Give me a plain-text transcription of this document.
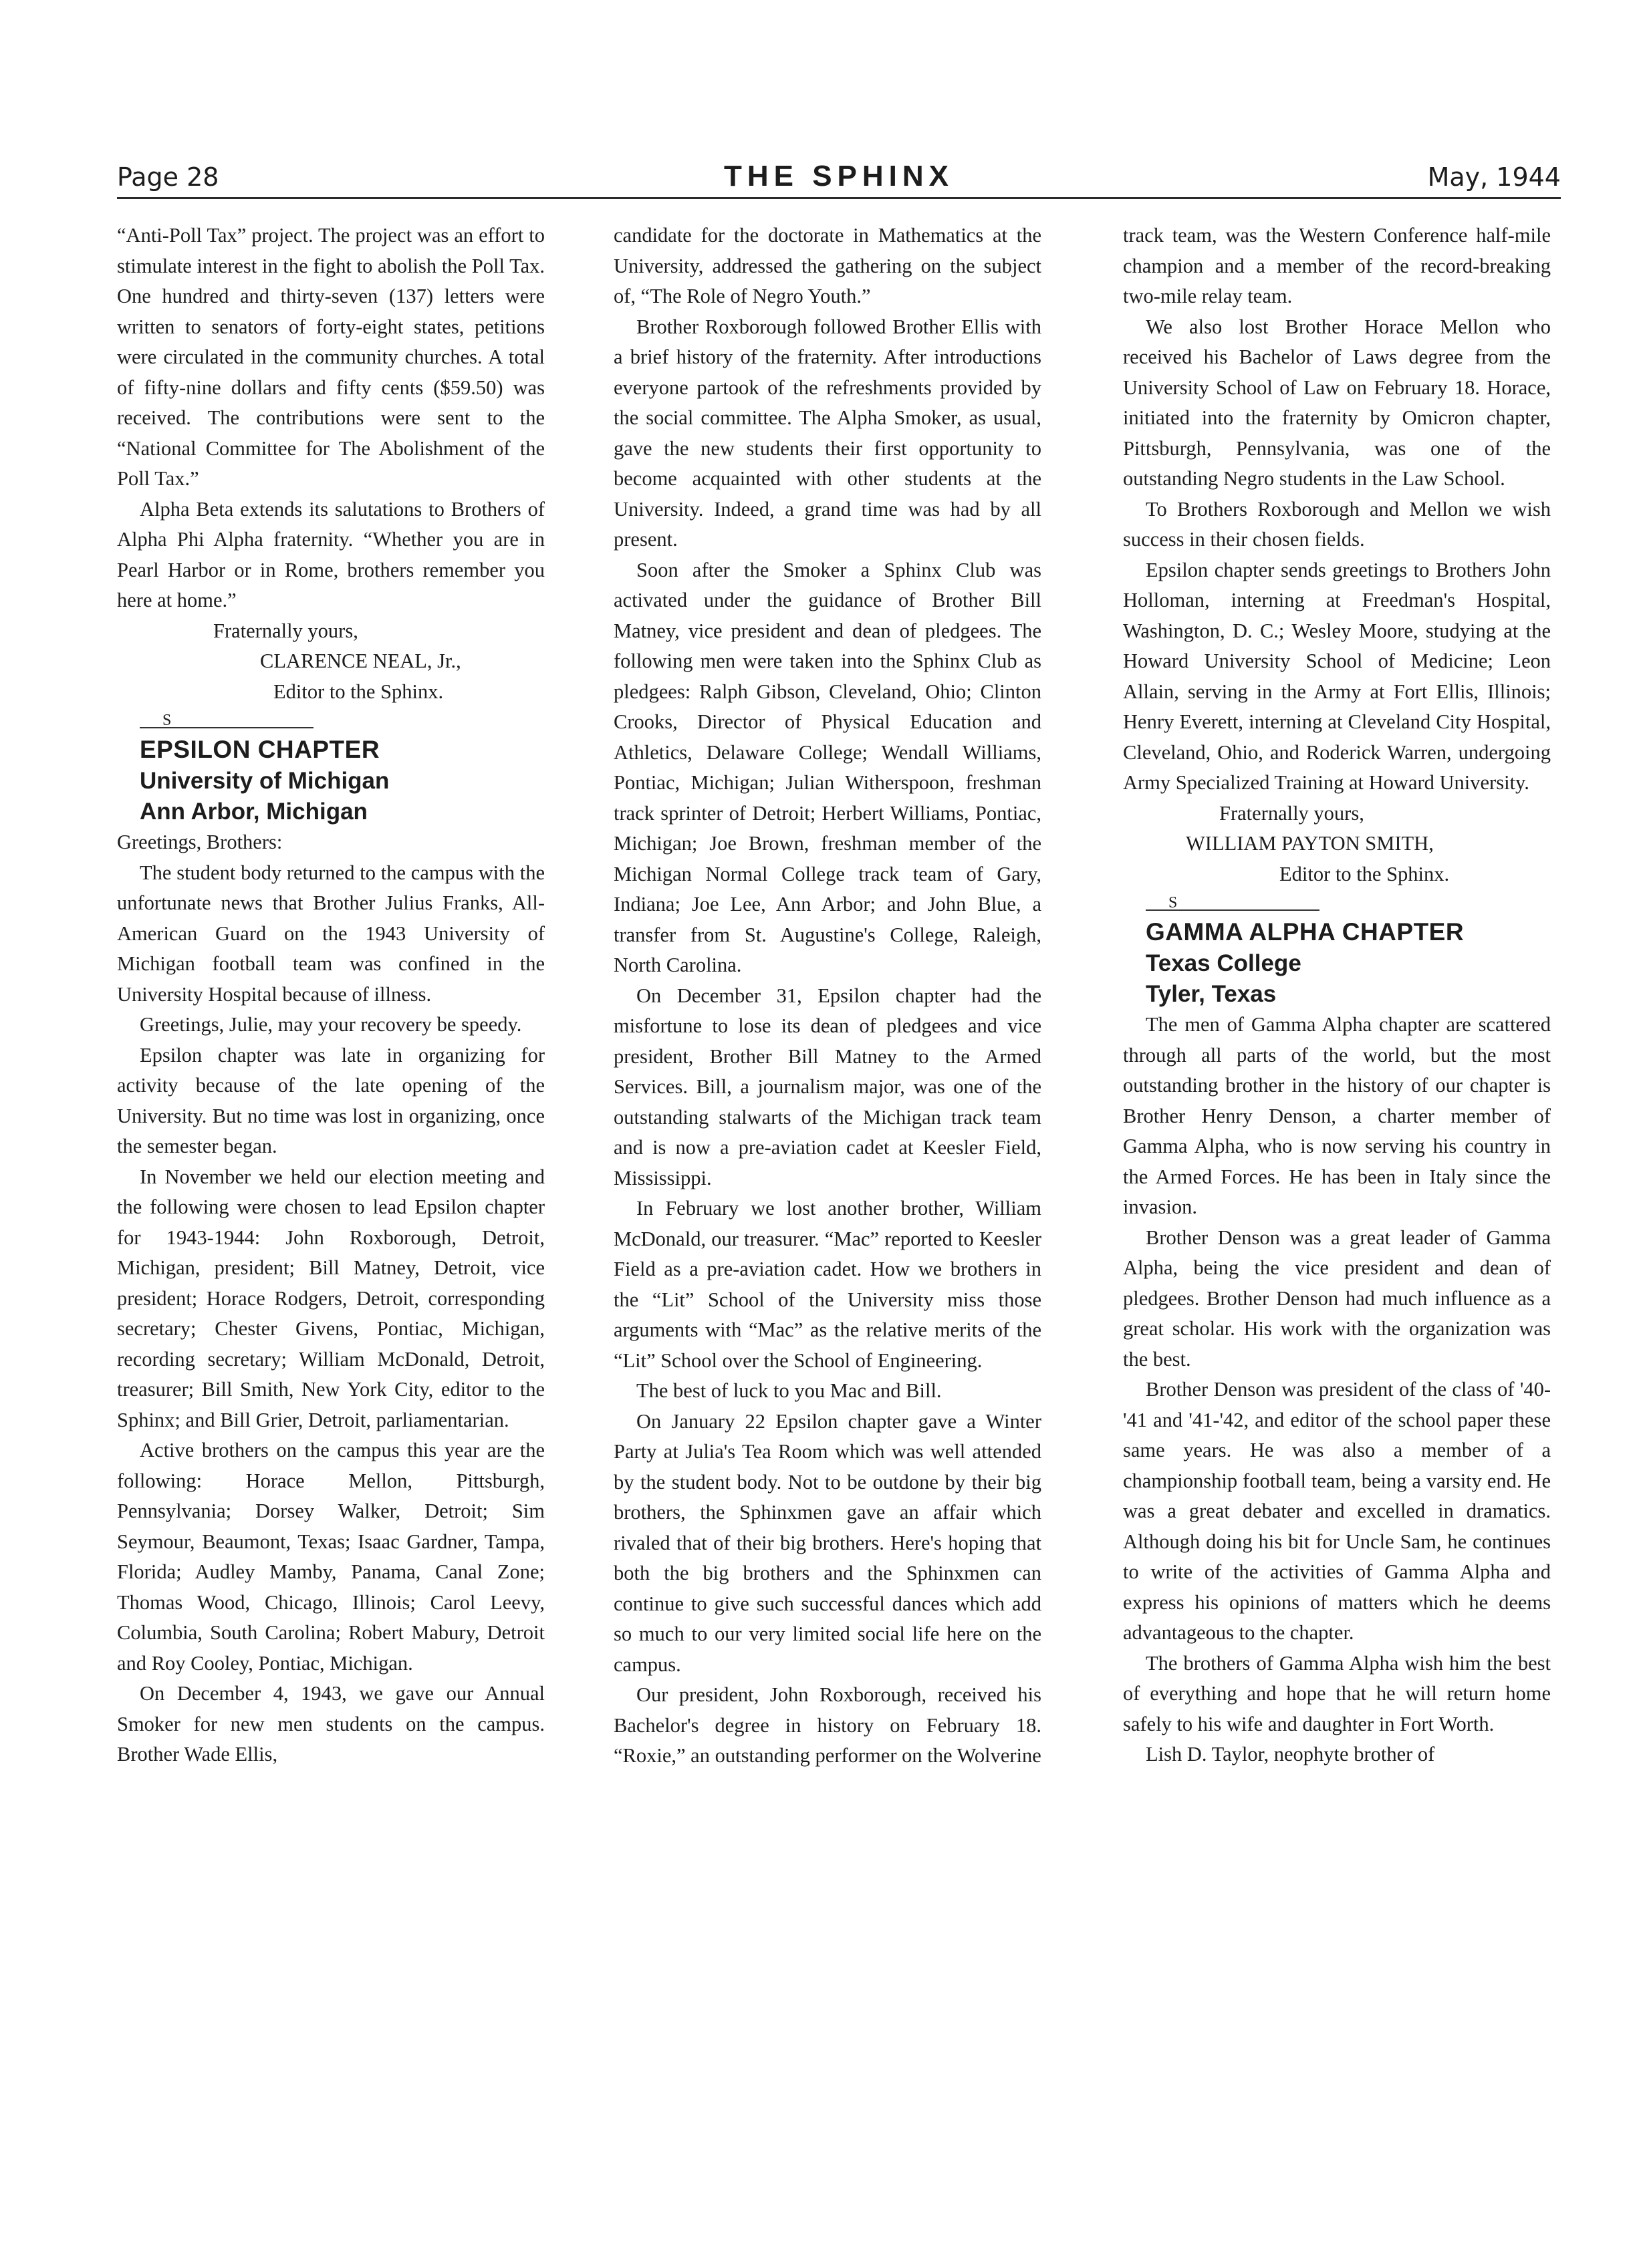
Page 28	THE SPHINX	May, 1944

“Anti-Poll Tax” project. The project was an effort to stimulate interest in the fight to abolish the Poll Tax. One hundred and thirty-seven (137) letters were written to senators of forty-eight states, petitions were circulated in the community churches. A total of fifty-nine dollars and fifty cents ($59.50) was received. The contributions were sent to the “National Committee for The Abolishment of the Poll Tax.”

Alpha Beta extends its salutations to Brothers of Alpha Phi Alpha fraternity. “Whether you are in Pearl Harbor or in Rome, brothers remember you here at home.”

Fraternally yours,

CLARENCE NEAL, Jr.,

Editor to the Sphinx.

S

EPSILON CHAPTER

University of Michigan

Ann Arbor, Michigan

Greetings, Brothers:

The student body returned to the campus with the unfortunate news that Brother Julius Franks, All-American Guard on the 1943 University of Michigan football team was confined in the University Hospital because of illness.

Greetings, Julie, may your recovery be speedy.

Epsilon chapter was late in organizing for activity because of the late opening of the University. But no time was lost in organizing, once the semester began.

In November we held our election meeting and the following were chosen to lead Epsilon chapter for 1943-1944: John Roxborough, Detroit, Michigan, president; Bill Matney, Detroit, vice president; Horace Rodgers, Detroit, corresponding secretary; Chester Givens, Pontiac, Michigan, recording secretary; William McDonald, Detroit, treasurer; Bill Smith, New York City, editor to the Sphinx; and Bill Grier, Detroit, parliamentarian.

Active brothers on the campus this year are the following: Horace Mellon, Pittsburgh, Pennsylvania; Dorsey Walker, Detroit; Sim Seymour, Beaumont, Texas; Isaac Gardner, Tampa, Florida; Audley Mamby, Panama, Canal Zone; Thomas Wood, Chicago, Illinois; Carol Leevy, Columbia, South Carolina; Robert Mabury, Detroit and Roy Cooley, Pontiac, Michigan.

On December 4, 1943, we gave our Annual Smoker for new men students on the campus. Brother Wade Ellis,

candidate for the doctorate in Mathematics at the University, addressed the gathering on the subject of, “The Role of Negro Youth.”

Brother Roxborough followed Brother Ellis with a brief history of the fraternity. After introductions everyone partook of the refreshments provided by the social committee. The Alpha Smoker, as usual, gave the new students their first opportunity to become acquainted with other students at the University. Indeed, a grand time was had by all present.

Soon after the Smoker a Sphinx Club was activated under the guidance of Brother Bill Matney, vice president and dean of pledgees. The following men were taken into the Sphinx Club as pledgees: Ralph Gibson, Cleveland, Ohio; Clinton Crooks, Director of Physical Education and Athletics, Delaware College; Wendall Williams, Pontiac, Michigan; Julian Witherspoon, freshman track sprinter of Detroit; Herbert Williams, Pontiac, Michigan; Joe Brown, freshman member of the Michigan Normal College track team of Gary, Indiana; Joe Lee, Ann Arbor; and John Blue, a transfer from St. Augustine's College, Raleigh, North Carolina.

On December 31, Epsilon chapter had the misfortune to lose its dean of pledgees and vice president, Brother Bill Matney to the Armed Services. Bill, a journalism major, was one of the outstanding stalwarts of the Michigan track team and is now a pre-aviation cadet at Keesler Field, Mississippi.

In February we lost another brother, William McDonald, our treasurer. “Mac” reported to Keesler Field as a pre-aviation cadet. How we brothers in the “Lit” School of the University miss those arguments with “Mac” as the relative merits of the “Lit” School over the School of Engineering.

The best of luck to you Mac and Bill.

On January 22 Epsilon chapter gave a Winter Party at Julia's Tea Room which was well attended by the student body. Not to be outdone by their big brothers, the Sphinxmen gave an affair which rivaled that of their big brothers. Here's hoping that both the big brothers and the Sphinxmen can continue to give such successful dances which add so much to our very limited social life here on the campus.

Our president, John Roxborough, received his Bachelor's degree in history on February 18. “Roxie,” an outstanding performer on the Wolverine

track team, was the Western Conference half-mile champion and a member of the record-breaking two-mile relay team.

We also lost Brother Horace Mellon who received his Bachelor of Laws degree from the University School of Law on February 18. Horace, initiated into the fraternity by Omicron chapter, Pittsburgh, Pennsylvania, was one of the outstanding Negro students in the Law School.

To Brothers Roxborough and Mellon we wish success in their chosen fields.

Epsilon chapter sends greetings to Brothers John Holloman, interning at Freedman's Hospital, Washington, D. C.; Wesley Moore, studying at the Howard University School of Medicine; Leon Allain, serving in the Army at Fort Ellis, Illinois; Henry Everett, interning at Cleveland City Hospital, Cleveland, Ohio, and Roderick Warren, undergoing Army Specialized Training at Howard University.

Fraternally yours,

WILLIAM PAYTON SMITH,

Editor to the Sphinx.

S

GAMMA ALPHA CHAPTER

Texas College

Tyler, Texas

The men of Gamma Alpha chapter are scattered through all parts of the world, but the most outstanding brother in the history of our chapter is Brother Henry Denson, a charter member of Gamma Alpha, who is now serving his country in the Armed Forces. He has been in Italy since the invasion.

Brother Denson was a great leader of Gamma Alpha, being the vice president and dean of pledgees. Brother Denson had much influence as a great scholar. His work with the organization was the best.

Brother Denson was president of the class of '40-'41 and '41-'42, and editor of the school paper these same years. He was also a member of a championship football team, being a varsity end. He was a great debater and excelled in dramatics. Although doing his bit for Uncle Sam, he continues to write of the activities of Gamma Alpha and express his opinions of matters which he deems advantageous to the chapter.

The brothers of Gamma Alpha wish him the best of everything and hope that he will return home safely to his wife and daughter in Fort Worth.

Lish D. Taylor, neophyte brother of
